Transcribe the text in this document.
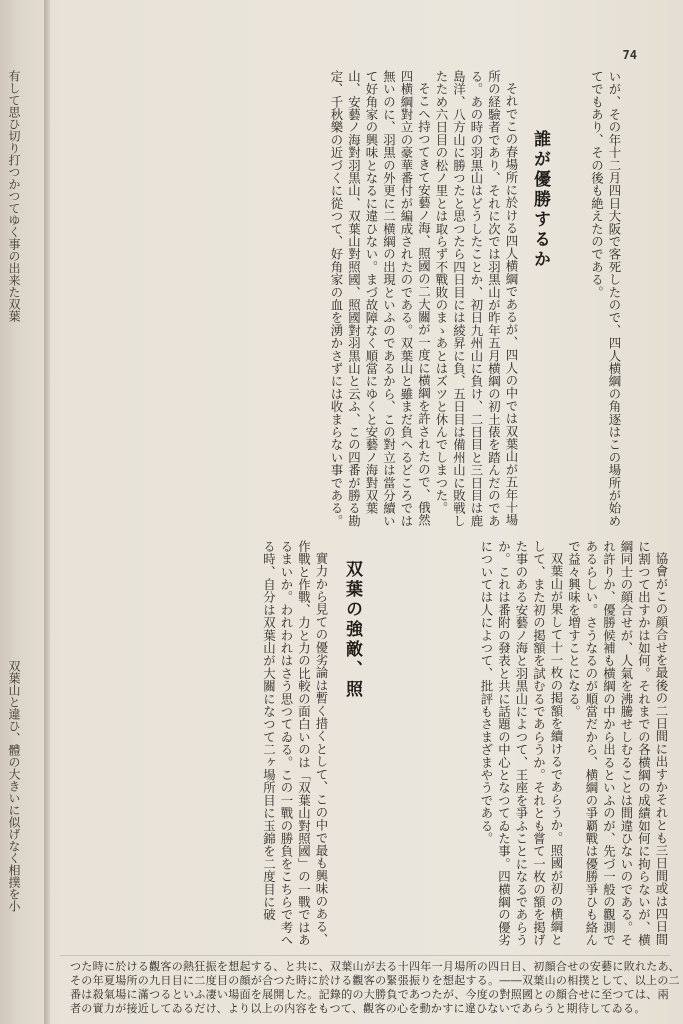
有して思ひ切り打つかつてゆく事の出来た双葉
双葉山と違ひ、體の大きいに似げなく相撲を小
74

いが、その年十二月四日大阪で客死したので、四人横綱の角逐はこの場所が始めてでもあり、その後も絶えたのである。

誰が優勝するか

それでこの春場所に於ける四人横綱であるが、四人の中では双葉山が五年十場所の経驗者であり、それに次では羽黒山が昨年五月横綱の初土俵を踏んだのである。あの時の羽黒山はどうしたことか、初日九州山に負け、二日目と三日目は鹿島洋、八方山に勝つたと思つたら四日目には綾昇に負、五日目は備州山に敗戦したため六日目の松ノ里とは取らず不戰敗のまゝあとはズツと休んでしまつた。

そこへ持つてきて安藝ノ海、照國の二大關が一度に横綱を許されたので、俄然四横綱對立の豪華番付が編成されたのである。双葉山と雖まだ負へるどころでは無いのに、羽黒の外更に二横綱の出現といふのであるから、この對立は當分續いて好角家の興味となるに違ひない。まづ故障なく順當にゆくと安藝ノ海對双葉山、安藝ノ海對羽黒山、双葉山對照國、照國對羽黒山と云ふ、この四番が勝る勘定、千秋樂の近づくに從つて、好角家の血を湧かさずには收まらない事である。

協會がこの顔合せを最後の二日間に出すかそれとも三日間或は四日間に割つて出すかは如何。それまでの各横綱の成績如何に拘らないが、横綱同士の顔合せが、人氣を沸騰せしむることは間違ひないのである。それ許りか、優勝候補も横綱の中から出るといふのが、先づ一般の觀測であるらしい。さうなるのが順當だから、横綱の爭覇戰は優勝爭ひも絡んで益々興味を増すことになる。

双葉山が果して十一枚の掲額を續けるであらうか。照國が初の横綱として、また初の掲額を試むるであらうか。それとも嘗て一枚の額を掲げた事のある安藝ノ海と羽黒山によつて、王座を爭ふことになるであらうか。これは番附の發表と共に話題の中心となつてゐた事。四横綱の優劣については人によつて、批評もさまざまやうである。

双葉の強敵、照

實力から見ての優劣論は暫く措くとして、この中で最も興味のある、作戰と作戰、力と力の比較の面白いのは「双葉山對照國」の一戰ではあるまいか。われわれはさう思つてゐる。この一戰の勝負をこちらで考へる時、自分は双葉山が大關になつて二ヶ場所目に玉錦を二度目に破

つた時に於ける觀客の熱狂振を想起する、と共に、双葉山が去る十四年一月場所の四日目、初顔合せの安藝に敗れたあ、その年夏場所の九日目に二度目の顔が合つた時に於ける觀客の緊張振りを想起する。――双葉山の相撲として、以上の二番は殺氣場に滿つるといふ凄い場面を展開した。記錄的の大勝負であつたが、今度の對照國との顔合せに至つては、兩者の實力が接近してゐるだけ、より以上の内容をもつて、觀客の心を動かすに違ひないであらうと期待してゐる。
